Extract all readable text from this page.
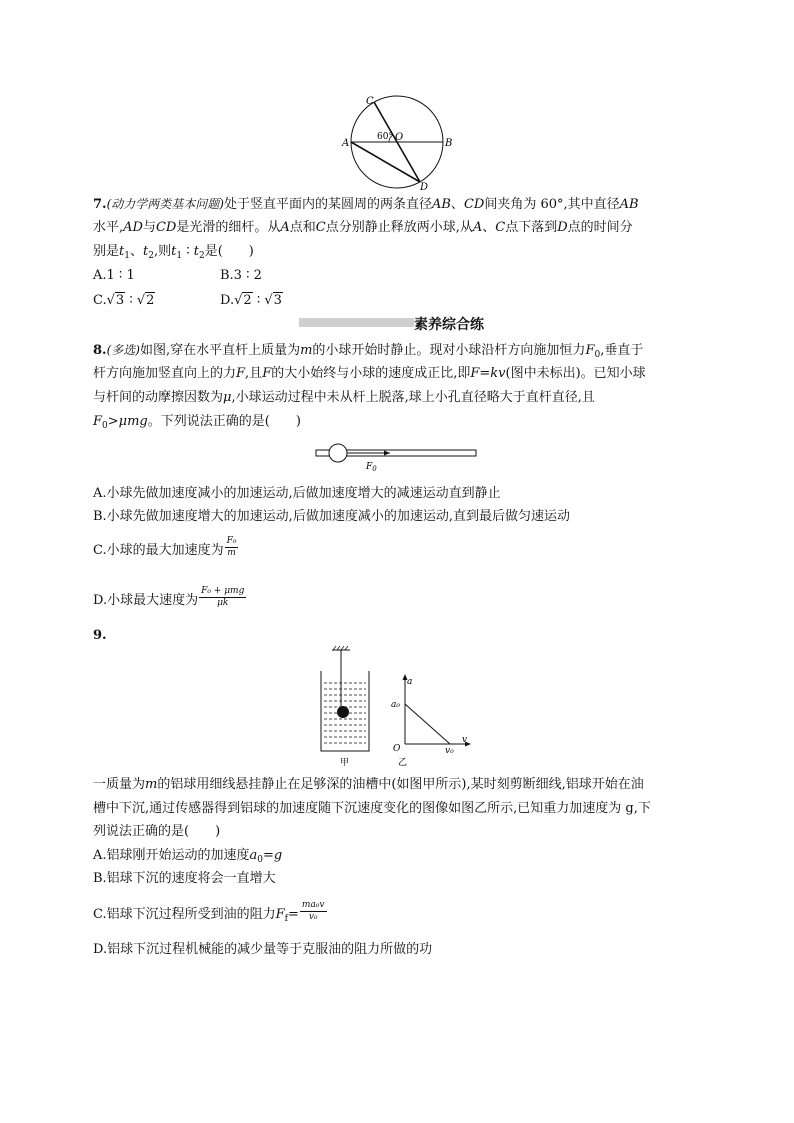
C
A
60° O
B
D
7.(动力学两类基本问题)处于竖直平面内的某圆周的两条直径AB、CD间夹角为 60°,其中直径AB
水平,AD与CD是光滑的细杆。从A点和C点分别静止释放两小球,从A、C点下落到D点的时间分
别是$t_1$、$t_2$,则$t_1$ ∶ $t_2$是(　　)
A.1 ∶ 1	B.3 ∶ 2
C.√3 ∶ √2	D.√2 ∶ √3
素养综合练
8.(多选)如图,穿在水平直杆上质量为m的小球开始时静止。现对小球沿杆方向施加恒力$F_0$,垂直于
杆方向施加竖直向上的力F,且F的大小始终与小球的速度成正比,即F=kv(图中未标出)。已知小球
与杆间的动摩擦因数为μ,小球运动过程中未从杆上脱落,球上小孔直径略大于直杆直径,且
$F_0>\mu mg$。下列说法正确的是(　　)
$F_0$
A.小球先做加速度减小的加速运动,后做加速度增大的减速运动直到静止
B.小球先做加速度增大的加速运动,后做加速度减小的加速运动,直到最后做匀速运动
C.小球的最大加速度为 $\frac{\text{F₀}}{m}$
D.小球最大速度为 $\frac{\text{F₀ + μmg}}{\mu k}$
9.
甲
a
a₀
O
v
v₀
乙
一质量为m的铝球用细线悬挂静止在足够深的油槽中(如图甲所示),某时刻剪断细线,铝球开始在油
槽中下沉,通过传感器得到铝球的加速度随下沉速度变化的图像如图乙所示,已知重力加速度为 g,下
列说法正确的是(　　)
A.铝球刚开始运动的加速度$a_0=g$
B.铝球下沉的速度将会一直增大
C.铝球下沉过程所受到油的阻力$F_f= \frac{\text{ma₀v}}{\text{v₀}}$
D.铝球下沉过程机械能的减少量等于克服油的阻力所做的功
